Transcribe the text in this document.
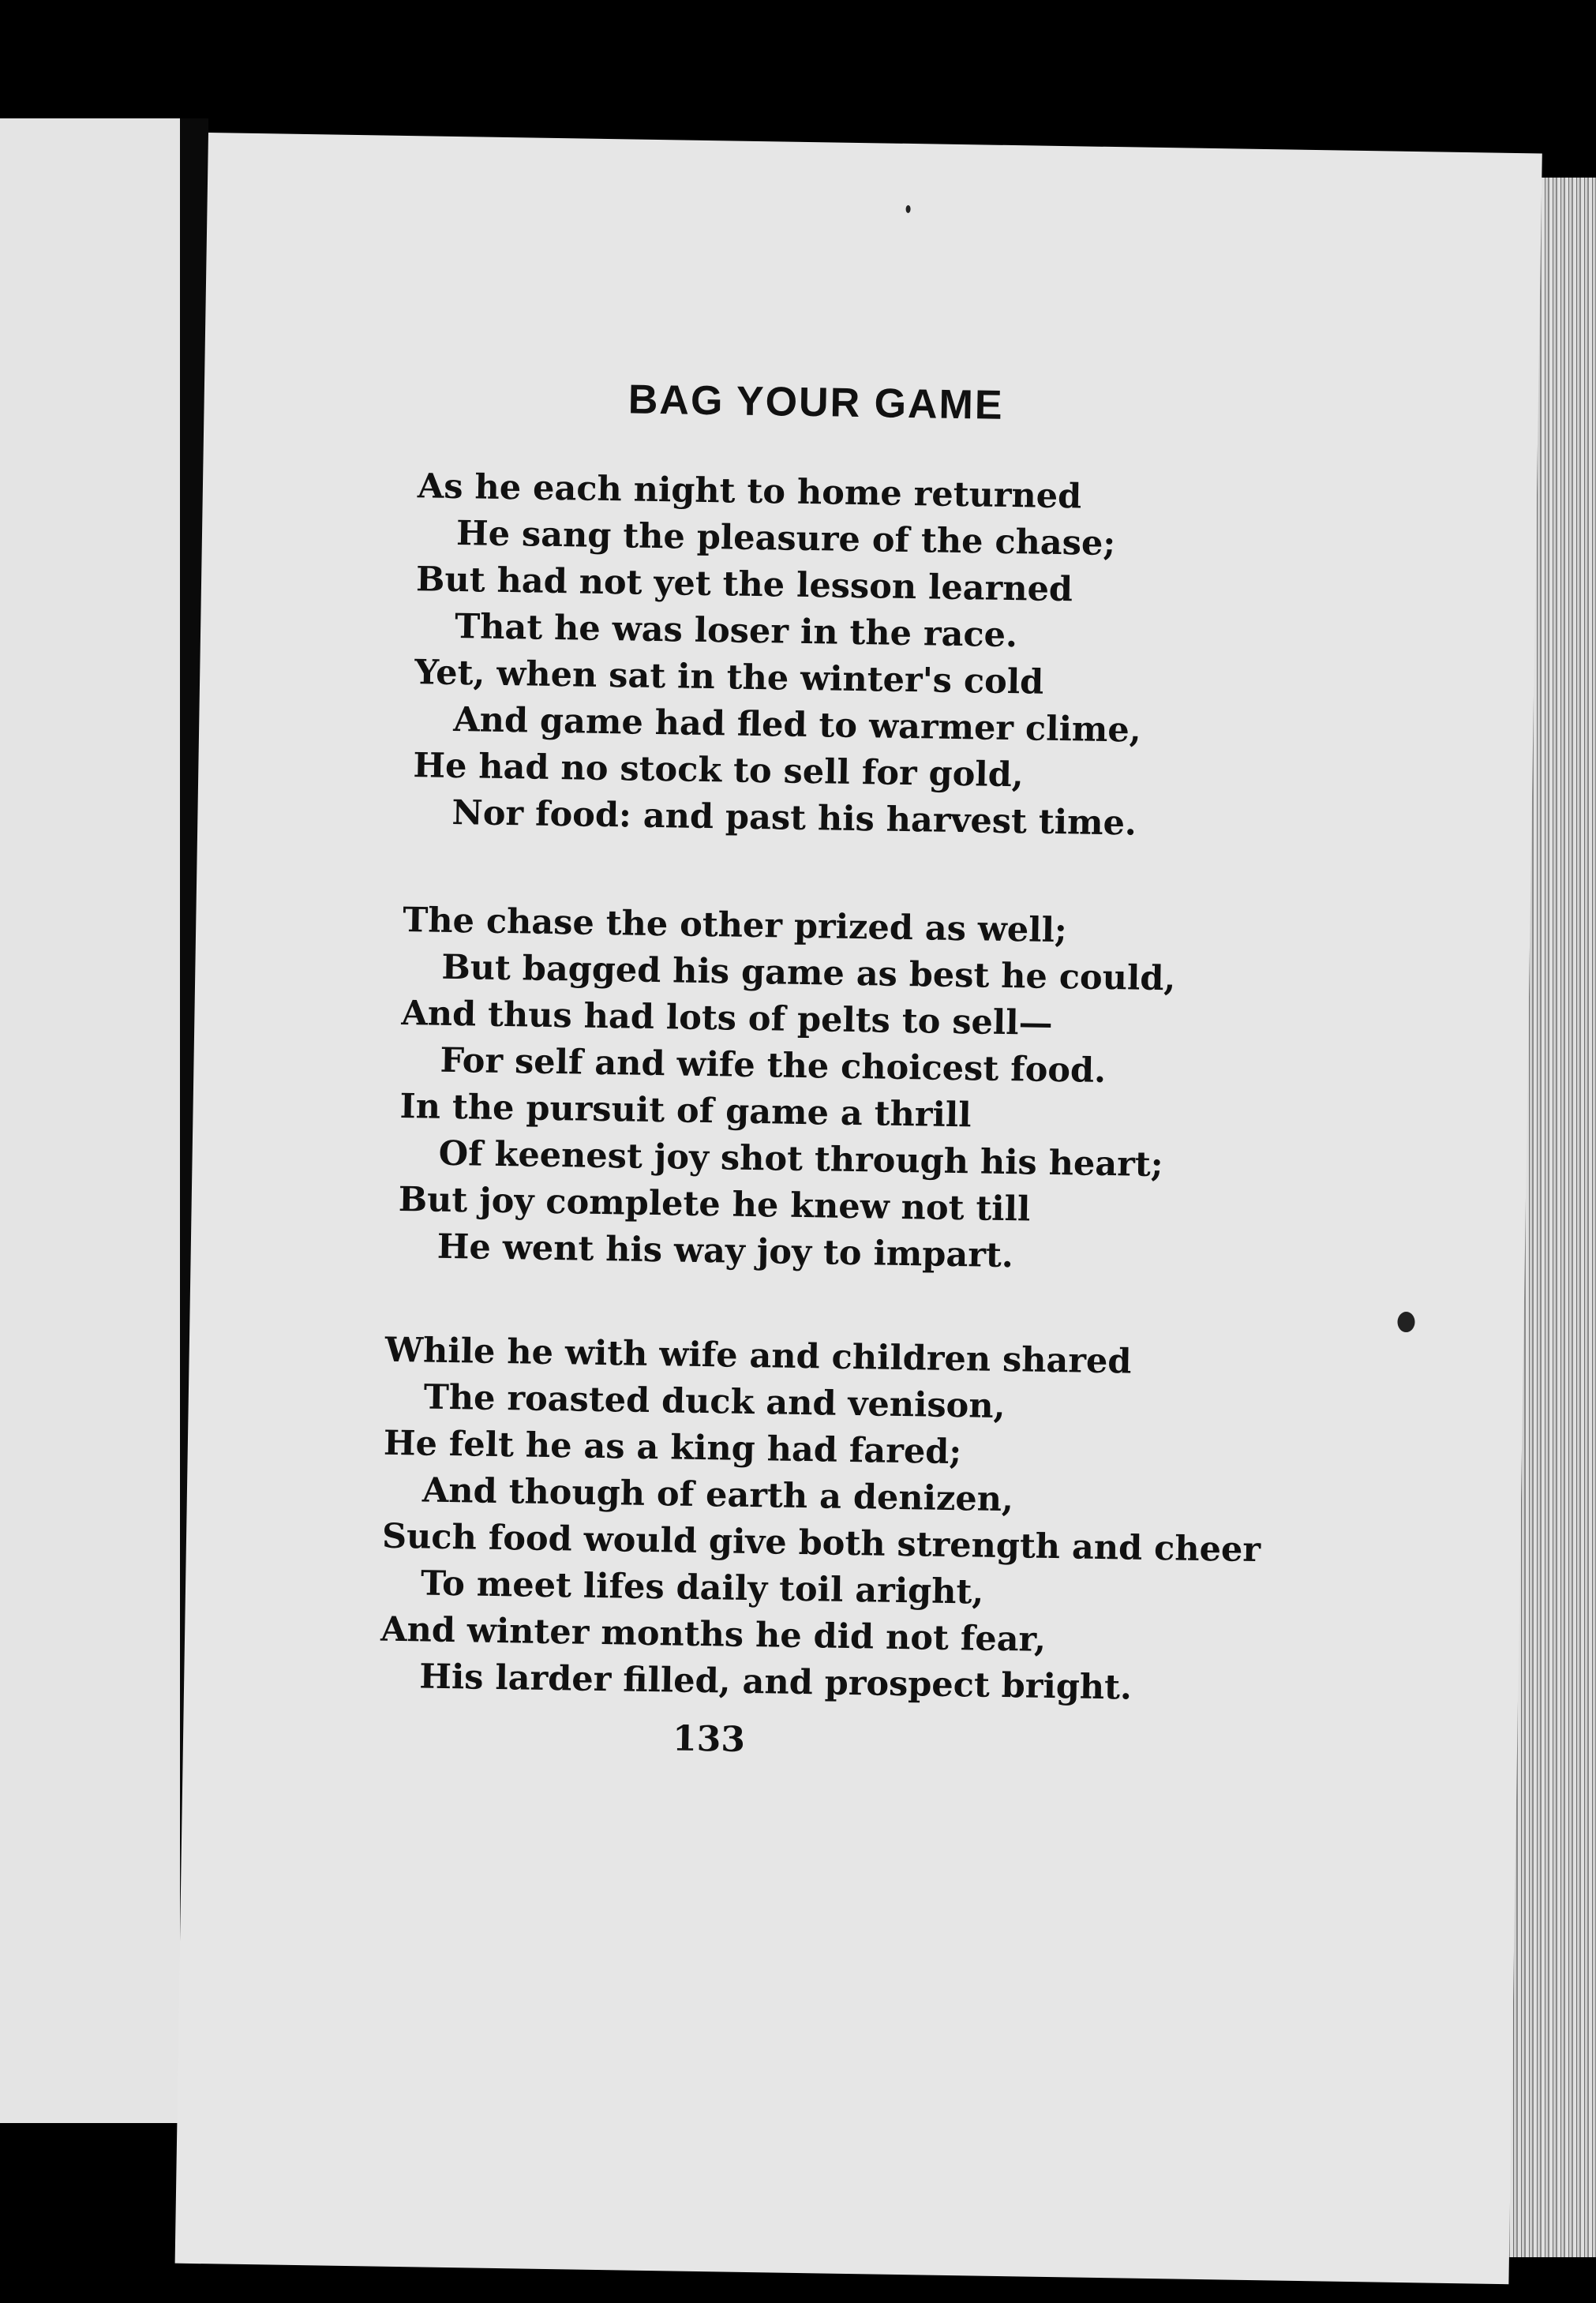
BAG YOUR GAME
As he each night to home returned
He sang the pleasure of the chase;
But had not yet the lesson learned
That he was loser in the race.
Yet, when sat in the winter's cold
And game had fled to warmer clime,
He had no stock to sell for gold,
Nor food: and past his harvest time.
The chase the other prized as well;
But bagged his game as best he could,
And thus had lots of pelts to sell—
For self and wife the choicest food.
In the pursuit of game a thrill
Of keenest joy shot through his heart;
But joy complete he knew not till
He went his way joy to impart.
While he with wife and children shared
The roasted duck and venison,
He felt he as a king had fared;
And though of earth a denizen,
Such food would give both strength and cheer
To meet lifes daily toil aright,
And winter months he did not fear,
His larder filled, and prospect bright.
133
